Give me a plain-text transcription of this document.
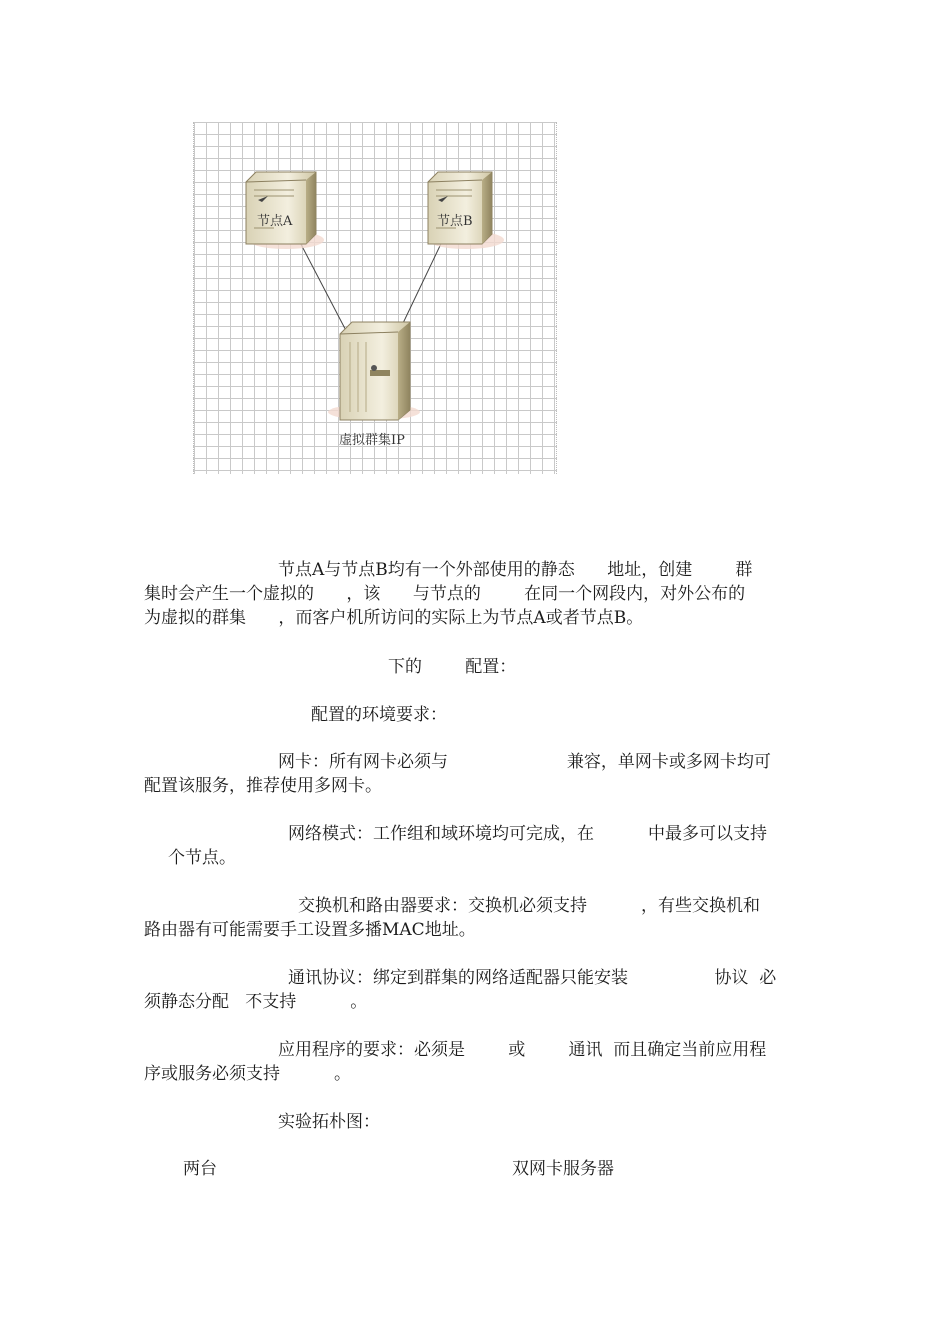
节点A	节点B
虚拟群集IP
节点A与节点B均有一个外部使用的静态      地址，创建        群
集时会产生一个虚拟的      ，该      与节点的        在同一个网段内，对外公布的
为虚拟的群集      ，而客户机所访问的实际上为节点A或者节点B。
下的        配置：
配置的环境要求：
网卡：所有网卡必须与                      兼容，单网卡或多网卡均可
配置该服务，推荐使用多网卡。
网络模式：工作组和域环境均可完成，在          中最多可以支持
个节点。
交换机和路由器要求：交换机必须支持          ，有些交换机和
路由器有可能需要手工设置多播MAC地址。
通讯协议：绑定到群集的网络适配器只能安装                协议  必
须静态分配   不支持          。
应用程序的要求：必须是        或        通讯  而且确定当前应用程
序或服务必须支持          。
实验拓朴图：
两台	双网卡服务器
